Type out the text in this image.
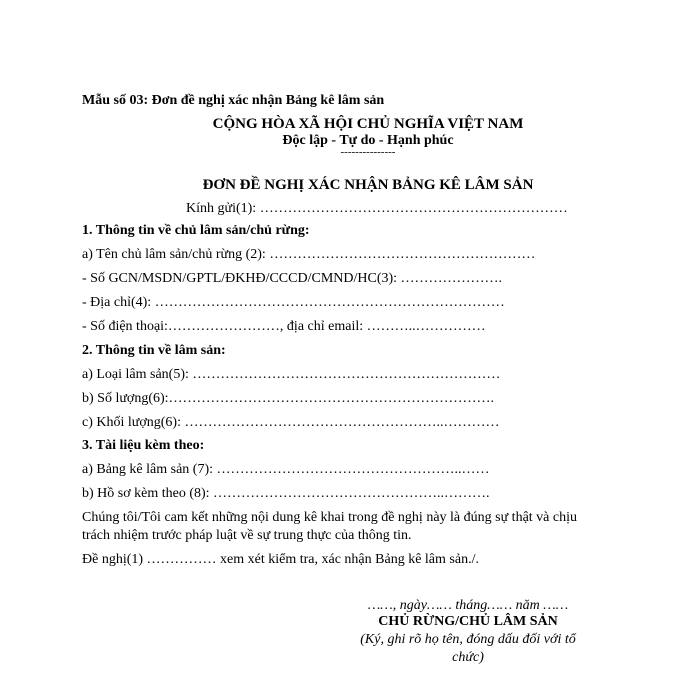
Mẫu số 03: Đơn đề nghị xác nhận Bảng kê lâm sản
CỘNG HÒA XÃ HỘI CHỦ NGHĨA VIỆT NAM
Độc lập - Tự do - Hạnh phúc
---------------
ĐƠN ĐỀ NGHỊ XÁC NHẬN BẢNG KÊ LÂM SẢN
Kính gửi(1): …………………………………………………………
1. Thông tin về chủ lâm sản/chủ rừng:
a) Tên chủ lâm sản/chủ rừng (2): …………………………………………………
- Số GCN/MSDN/GPTL/ĐKHĐ/CCCD/CMND/HC(3): ………………….
- Địa chỉ(4): …………………………………………………………………
- Số điện thoại:……………………, địa chỉ email: ………..……………
2. Thông tin về lâm sản:
a) Loại lâm sản(5): …………………………………………………………
b) Số lượng(6):…………………………………………………………….
c) Khối lượng(6): ………………………………………………..…………
3. Tài liệu kèm theo:
a) Bảng kê lâm sản (7): ……………………………………………..……
b) Hồ sơ kèm theo (8): …………………………………………..……….
Chúng tôi/Tôi cam kết những nội dung kê khai trong đề nghị này là đúng sự thật và chịu
trách nhiệm trước pháp luật về sự trung thực của thông tin.
Đề nghị(1) …………… xem xét kiểm tra, xác nhận Bảng kê lâm sản./.
……, ngày…… tháng…… năm ……
CHỦ RỪNG/CHỦ LÂM SẢN
(Ký, ghi rõ họ tên, đóng dấu đối với tổ
chức)
